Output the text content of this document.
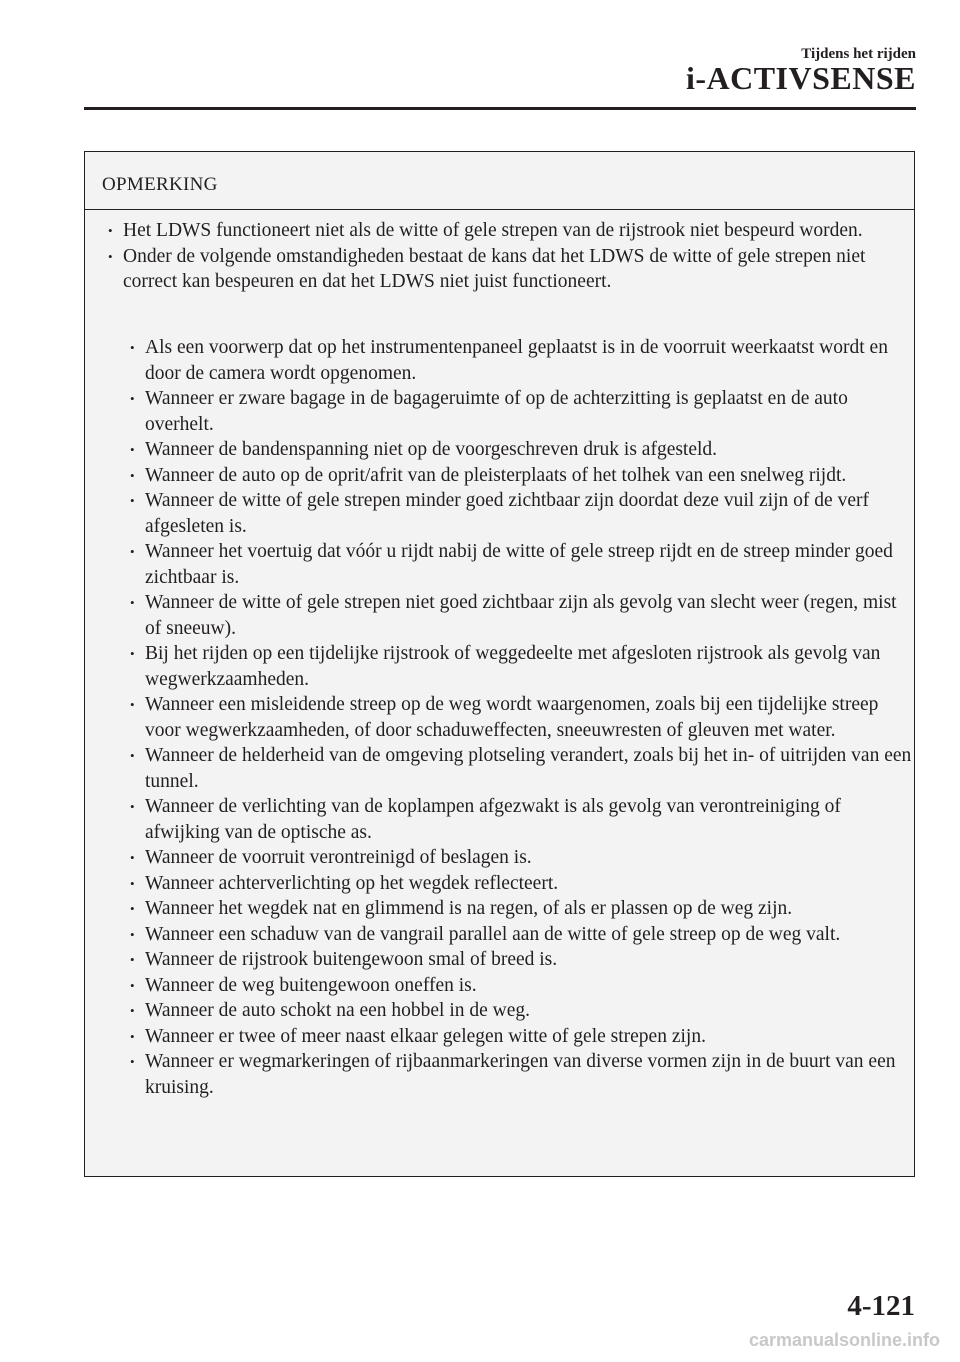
Tijdens het rijden
i-ACTIVSENSE
OPMERKING
• Het LDWS functioneert niet als de witte of gele strepen van de rijstrook niet bespeurd worden.
• Onder de volgende omstandigheden bestaat de kans dat het LDWS de witte of gele strepen niet correct kan bespeuren en dat het LDWS niet juist functioneert.
• Als een voorwerp dat op het instrumentenpaneel geplaatst is in de voorruit weerkaatst wordt en door de camera wordt opgenomen.
• Wanneer er zware bagage in de bagageruimte of op de achterzitting is geplaatst en de auto overhelt.
• Wanneer de bandenspanning niet op de voorgeschreven druk is afgesteld.
• Wanneer de auto op de oprit/afrit van de pleisterplaats of het tolhek van een snelweg rijdt.
• Wanneer de witte of gele strepen minder goed zichtbaar zijn doordat deze vuil zijn of de verf afgesleten is.
• Wanneer het voertuig dat vóór u rijdt nabij de witte of gele streep rijdt en de streep minder goed zichtbaar is.
• Wanneer de witte of gele strepen niet goed zichtbaar zijn als gevolg van slecht weer (regen, mist of sneeuw).
• Bij het rijden op een tijdelijke rijstrook of weggedeelte met afgesloten rijstrook als gevolg van wegwerkzaamheden.
• Wanneer een misleidende streep op de weg wordt waargenomen, zoals bij een tijdelijke streep voor wegwerkzaamheden, of door schaduweffecten, sneeuwresten of gleuven met water.
• Wanneer de helderheid van de omgeving plotseling verandert, zoals bij het in- of uitrijden van een tunnel.
• Wanneer de verlichting van de koplampen afgezwakt is als gevolg van verontreiniging of afwijking van de optische as.
• Wanneer de voorruit verontreinigd of beslagen is.
• Wanneer achterverlichting op het wegdek reflecteert.
• Wanneer het wegdek nat en glimmend is na regen, of als er plassen op de weg zijn.
• Wanneer een schaduw van de vangrail parallel aan de witte of gele streep op de weg valt.
• Wanneer de rijstrook buitengewoon smal of breed is.
• Wanneer de weg buitengewoon oneffen is.
• Wanneer de auto schokt na een hobbel in de weg.
• Wanneer er twee of meer naast elkaar gelegen witte of gele strepen zijn.
• Wanneer er wegmarkeringen of rijbaanmarkeringen van diverse vormen zijn in de buurt van een kruising.
4-121
carmanualsonline.info
